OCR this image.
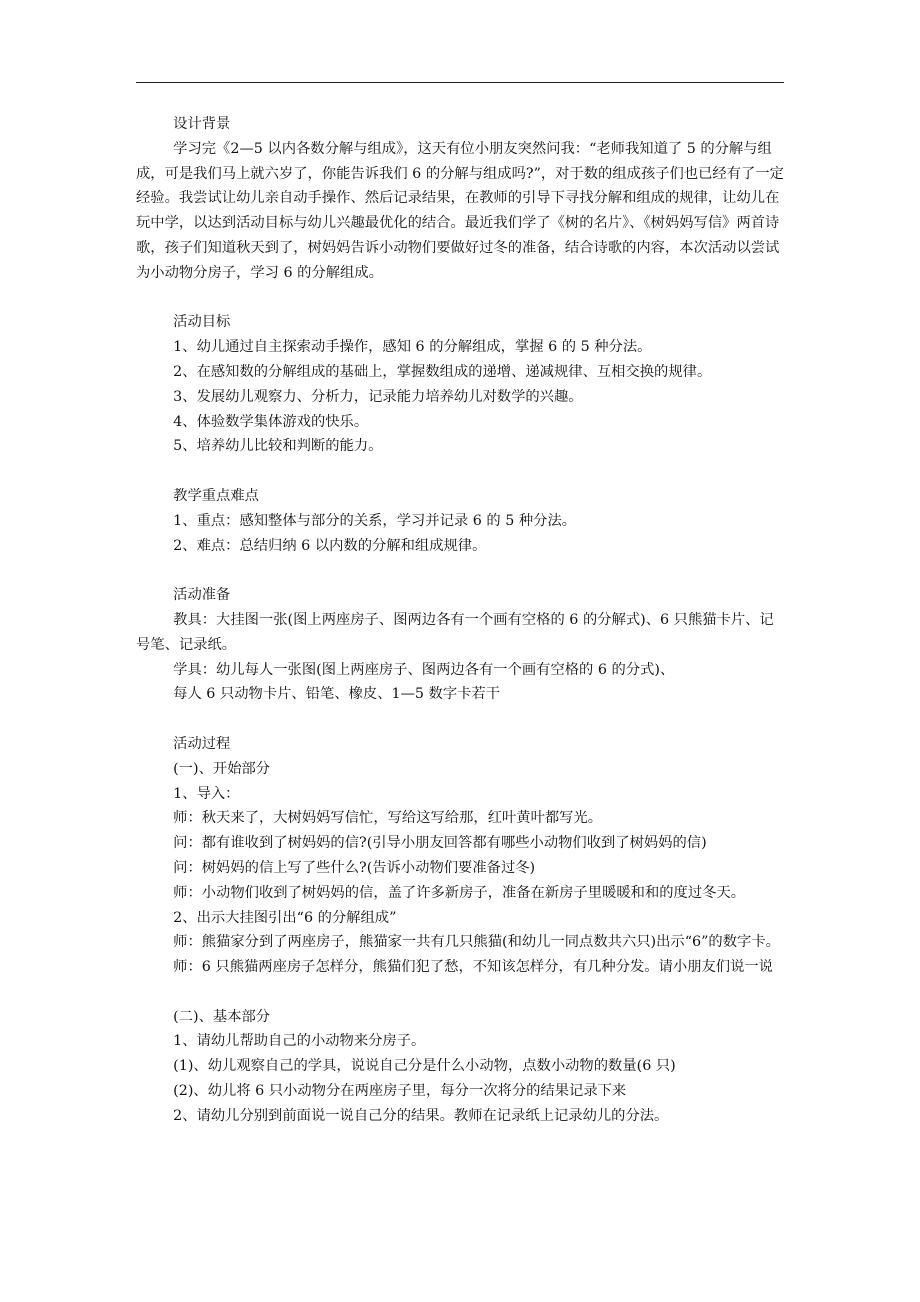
设计背景

学习完《2—5 以内各数分解与组成》，这天有位小朋友突然问我：“老师我知道了 5 的分解与组成，可是我们马上就六岁了，你能告诉我们 6 的分解与组成吗?”，对于数的组成孩子们也已经有了一定经验。我尝试让幼儿亲自动手操作、然后记录结果，在教师的引导下寻找分解和组成的规律，让幼儿在玩中学，以达到活动目标与幼儿兴趣最优化的结合。最近我们学了《树的名片》、《树妈妈写信》两首诗歌，孩子们知道秋天到了，树妈妈告诉小动物们要做好过冬的准备，结合诗歌的内容，本次活动以尝试为小动物分房子，学习 6 的分解组成。

活动目标

1、幼儿通过自主探索动手操作，感知 6 的分解组成，掌握 6 的 5 种分法。

2、在感知数的分解组成的基础上，掌握数组成的递增、递减规律、互相交换的规律。

3、发展幼儿观察力、分析力，记录能力培养幼儿对数学的兴趣。

4、体验数学集体游戏的快乐。

5、培养幼儿比较和判断的能力。

教学重点难点

1、重点：感知整体与部分的关系，学习并记录 6 的 5 种分法。

2、难点：总结归纳 6 以内数的分解和组成规律。

活动准备

教具：大挂图一张(图上两座房子、图两边各有一个画有空格的 6 的分解式)、6 只熊猫卡片、记号笔、记录纸。

学具：幼儿每人一张图(图上两座房子、图两边各有一个画有空格的 6 的分式)、

每人 6 只动物卡片、铅笔、橡皮、1—5 数字卡若干

活动过程

(一)、开始部分

1、导入：

师：秋天来了，大树妈妈写信忙，写给这写给那，红叶黄叶都写光。

问：都有谁收到了树妈妈的信?(引导小朋友回答都有哪些小动物们收到了树妈妈的信)

问：树妈妈的信上写了些什么?(告诉小动物们要准备过冬)

师：小动物们收到了树妈妈的信，盖了许多新房子，准备在新房子里暖暖和和的度过冬天。

2、出示大挂图引出“6 的分解组成”

师：熊猫家分到了两座房子，熊猫家一共有几只熊猫(和幼儿一同点数共六只)出示“6”的数字卡。

师：6 只熊猫两座房子怎样分，熊猫们犯了愁，不知该怎样分，有几种分发。请小朋友们说一说

(二)、基本部分

1、请幼儿帮助自己的小动物来分房子。

(1)、幼儿观察自己的学具，说说自己分是什么小动物，点数小动物的数量(6 只)

(2)、幼儿将 6 只小动物分在两座房子里，每分一次将分的结果记录下来

2、请幼儿分别到前面说一说自己分的结果。教师在记录纸上记录幼儿的分法。
